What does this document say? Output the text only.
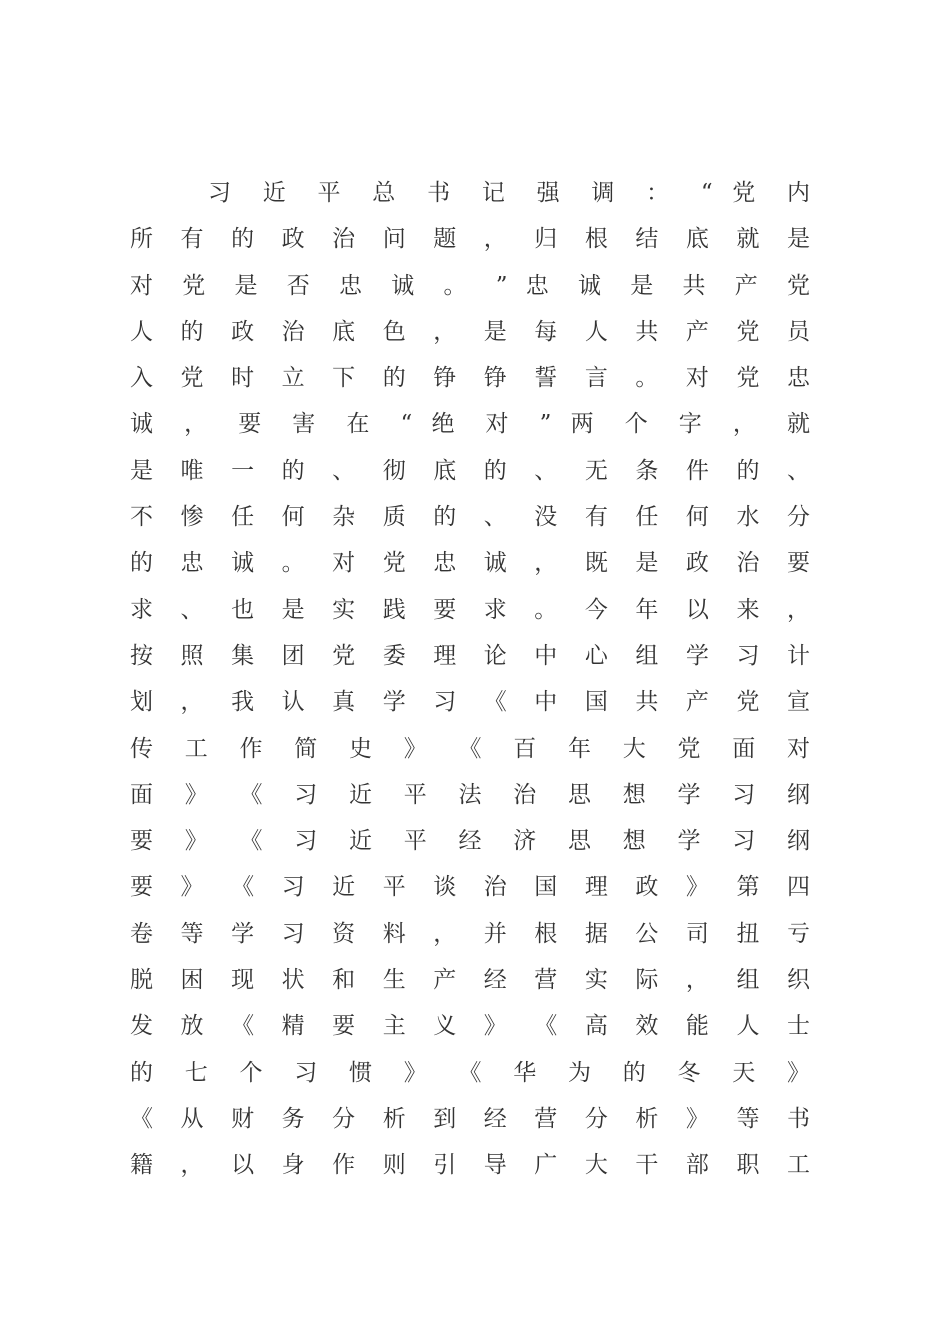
习 近 平 总 书 记 强 调 ： “ 党 内
所 有 的 政 治 问 题 ， 归 根 结 底 就 是
对 党 是 否 忠 诚 。 ” 忠 诚 是 共 产 党
人 的 政 治 底 色 ， 是 每 人 共 产 党 员
入 党 时 立 下 的 铮 铮 誓 言 。 对 党 忠
诚 ， 要 害 在 “ 绝 对 ” 两 个 字 ， 就
是 唯 一 的 、 彻 底 的 、 无 条 件 的 、
不 惨 任 何 杂 质 的 、 没 有 任 何 水 分
的 忠 诚 。 对 党 忠 诚 ， 既 是 政 治 要
求 、 也 是 实 践 要 求 。 今 年 以 来 ，
按 照 集 团 党 委 理 论 中 心 组 学 习 计
划 ， 我 认 真 学 习 《 中 国 共 产 党 宣
传 工 作 简 史 》 《 百 年 大 党 面 对
面 》 《 习 近 平 法 治 思 想 学 习 纲
要 》 《 习 近 平 经 济 思 想 学 习 纲
要 》 《 习 近 平 谈 治 国 理 政 》 第 四
卷 等 学 习 资 料 ， 并 根 据 公 司 扭 亏
脱 困 现 状 和 生 产 经 营 实 际 ， 组 织
发 放 《 精 要 主 义 》 《 高 效 能 人 士
的 七 个 习 惯 》 《 华 为 的 冬 天 》
《 从 财 务 分 析 到 经 营 分 析 》 等 书
籍 ， 以 身 作 则 引 导 广 大 干 部 职 工
